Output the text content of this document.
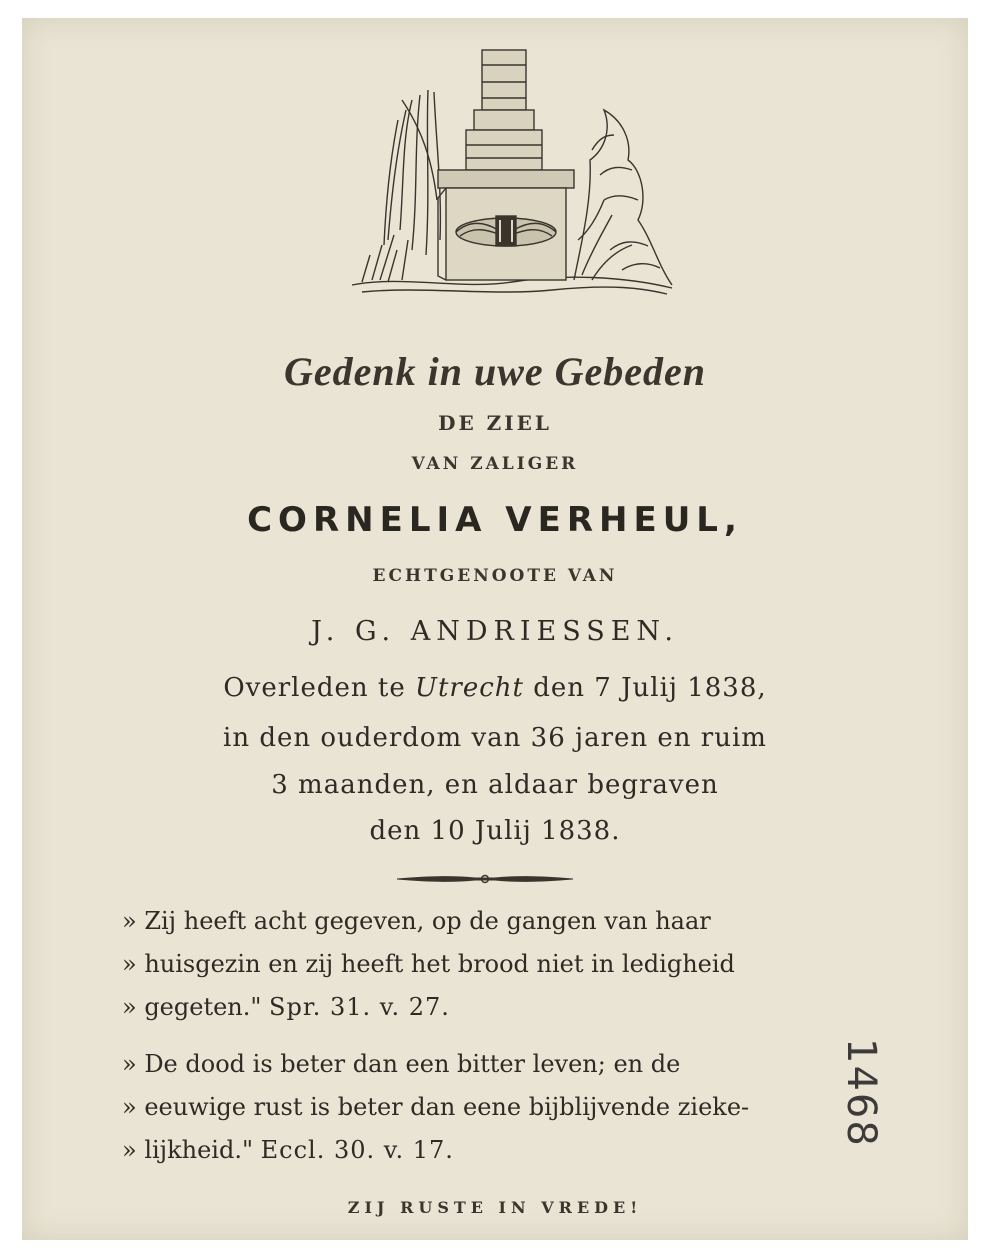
Gedenk in uwe Gebeden
DE ZIEL
VAN ZALIGER
CORNELIA VERHEUL,
ECHTGENOOTE VAN
J. G. ANDRIESSEN.
Overleden te Utrecht den 7 Julij 1838,
in den ouderdom van 36 jaren en ruim
3 maanden, en aldaar begraven
den 10 Julij 1838.
» Zij heeft acht gegeven, op de gangen van haar
» huisgezin en zij heeft het brood niet in ledigheid
» gegeten." Spr. 31. v. 27.
» De dood is beter dan een bitter leven; en de
» eeuwige rust is beter dan eene bijblijvende zieke-
» lijkheid." Eccl. 30. v. 17.
ZIJ RUSTE IN VREDE!
1468
